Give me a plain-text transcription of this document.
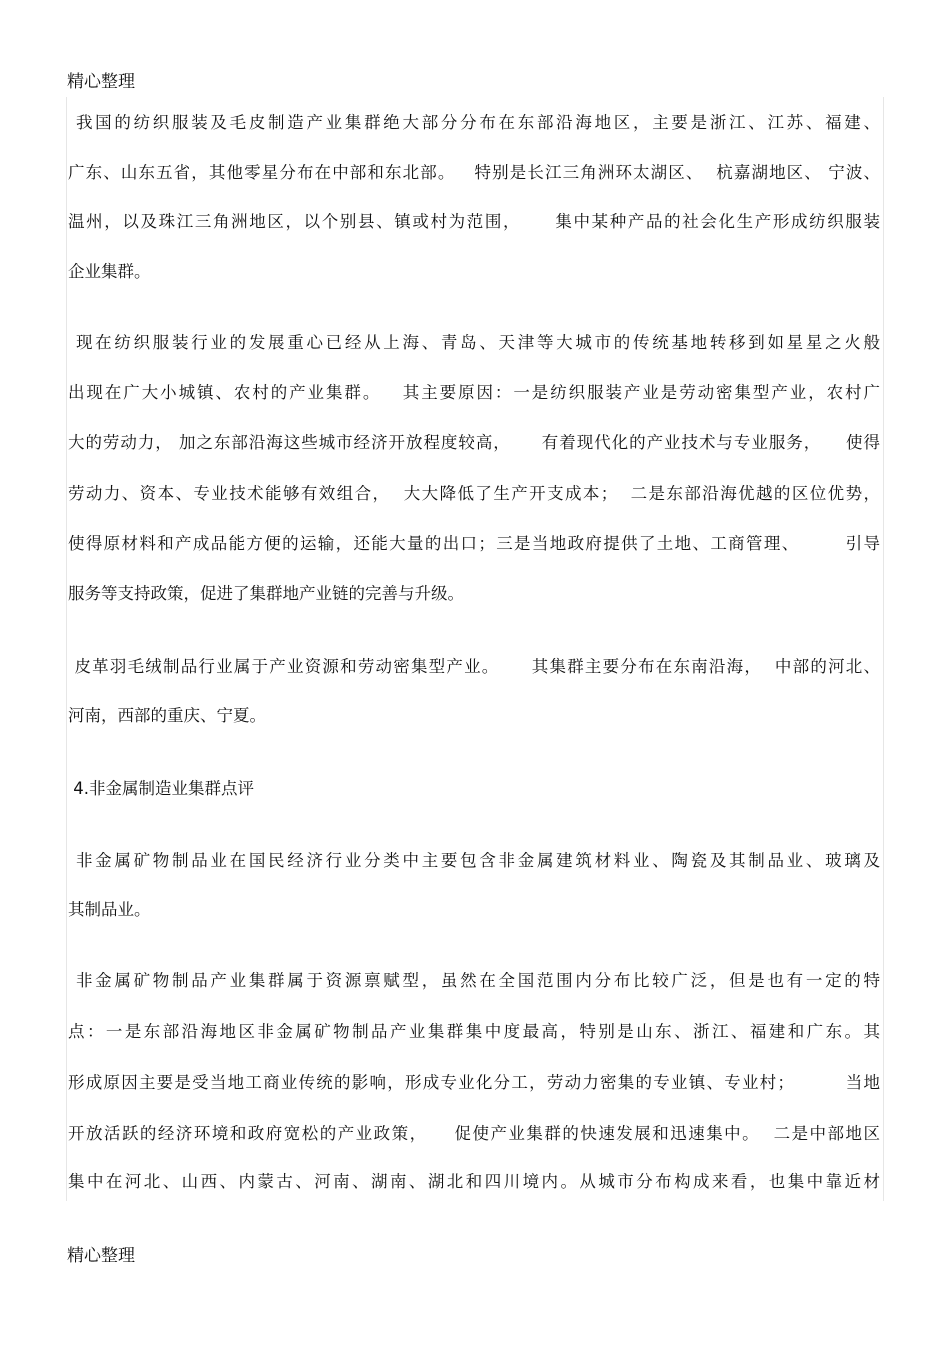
精心整理
我国的纺织服装及毛皮制造产业集群绝大部分分布在东部沿海地区，主要是浙江、江苏、福建、
广东、山东五省，其他零星分布在中部和东北部。   特别是长江三角洲环太湖区、  杭嘉湖地区、 宁波、
温州，以及珠江三角洲地区，以个别县、镇或村为范围，     集中某种产品的社会化生产形成纺织服装
企业集群。
现在纺织服装行业的发展重心已经从上海、青岛、天津等大城市的传统基地转移到如星星之火般
出现在广大小城镇、农村的产业集群。   其主要原因：一是纺织服装产业是劳动密集型产业，农村广
大的劳动力， 加之东部沿海这些城市经济开放程度较高，     有着现代化的产业技术与专业服务，    使得
劳动力、资本、专业技术能够有效组合，  大大降低了生产开支成本；  二是东部沿海优越的区位优势，
使得原材料和产成品能方便的运输，还能大量的出口；三是当地政府提供了土地、工商管理、       引导
服务等支持政策，促进了集群地产业链的完善与升级。
皮革羽毛绒制品行业属于产业资源和劳动密集型产业。     其集群主要分布在东南沿海，  中部的河北、
河南，西部的重庆、宁夏。
4.非金属制造业集群点评
非金属矿物制品业在国民经济行业分类中主要包含非金属建筑材料业、陶瓷及其制品业、玻璃及
其制品业。
非金属矿物制品产业集群属于资源禀赋型，虽然在全国范围内分布比较广泛，但是也有一定的特
点：一是东部沿海地区非金属矿物制品产业集群集中度最高，特别是山东、浙江、福建和广东。其
形成原因主要是受当地工商业传统的影响，形成专业化分工，劳动力密集的专业镇、专业村；        当地
开放活跃的经济环境和政府宽松的产业政策，    促使产业集群的快速发展和迅速集中。  二是中部地区
集中在河北、山西、内蒙古、河南、湖南、湖北和四川境内。从城市分布构成来看，也集中靠近材
精心整理
